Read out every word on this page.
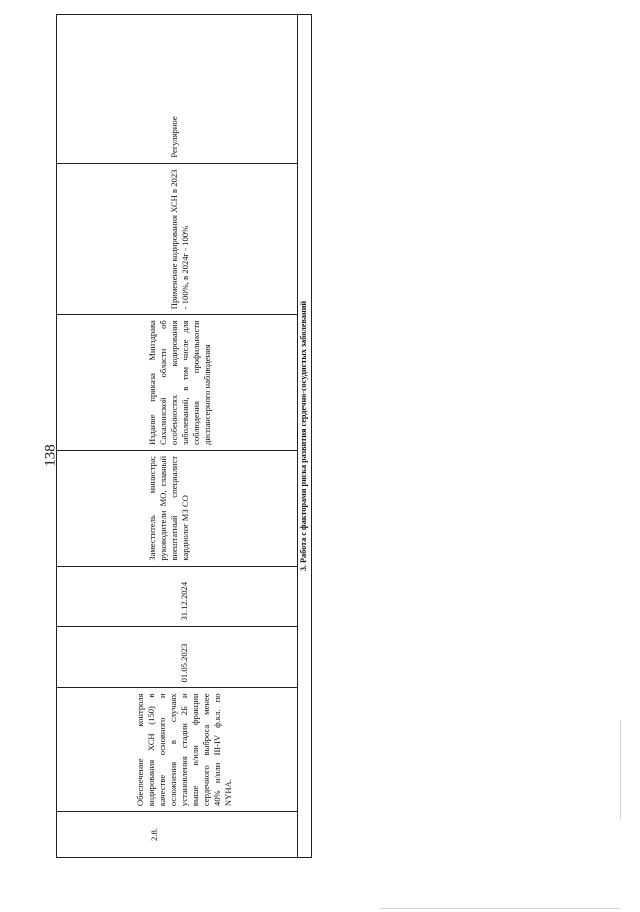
138
2.8.
Обеспечение контроля кодирования ХСН (150) в качестве основного и осложнения в случаях установления стадии 2Б и выше и/или фракции сердечного выброса менее 40% и/или III-IV ф.кл. по NYHA.
01.05.2023
31.12.2024
Заместитель министра; руководители МО, главный внештатный специалист кардиолог МЗ СО
Издание приказа Минздрава Сахалинской области об особенностях кодирования заболеваний, в том числе для соблюдения профильности диспансерного наблюдения
Применение кодирования ХСН в 2023 - 100%, в 2024г - 100%
Регулярное
3. Работа с факторами риска развития сердечно-сосудистых заболеваний
